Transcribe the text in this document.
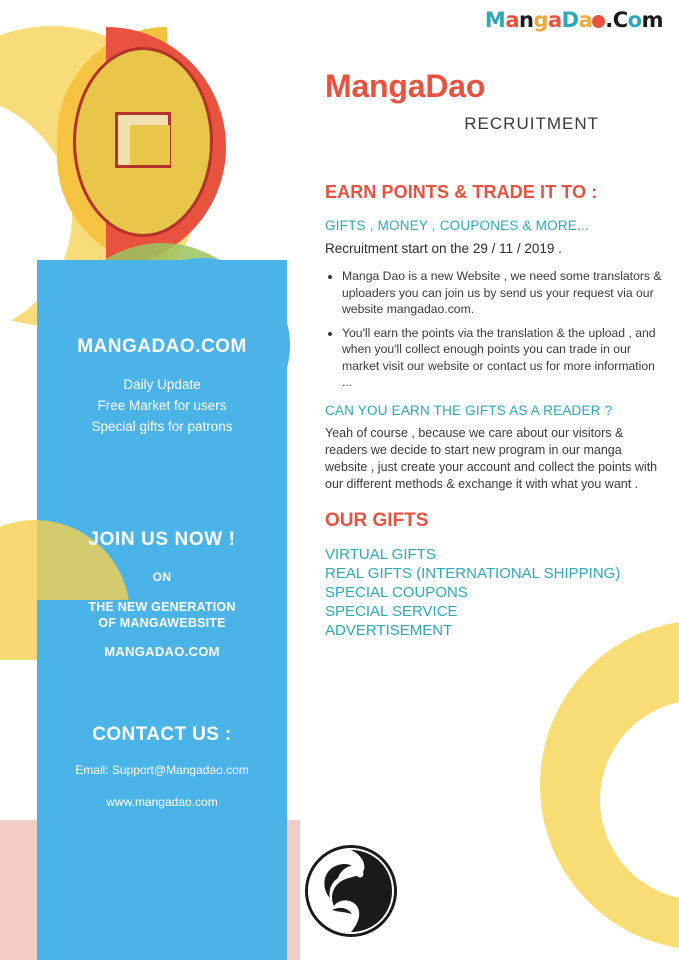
MangaDa .Com
MANGADAO.COM
Daily Update
Free Market for users
Special gifts for patrons
JOIN US NOW !
ON
THE NEW GENERATION
OF MANGAWEBSITE
MANGADAO.COM
CONTACT US :
Email: Support@Mangadao.com
www.mangadao.com
MangaDao
RECRUITMENT
EARN POINTS & TRADE IT TO :
GIFTS , MONEY , COUPONES & MORE...
Recruitment start on the 29 / 11 / 2019 .
• Manga Dao is a new Website , we need some translators & uploaders you can join us by send us your request via our website mangadao.com.
• You'll earn the points via the translation & the upload , and when you'll collect enough points you can trade in our market visit our website or contact us for more information ...
CAN YOU EARN THE GIFTS AS A READER ?
Yeah of course , because we care about our visitors & readers we decide to start new program in our manga website , just create your account and collect the points with our different methods & exchange it with what you want .
OUR GIFTS
VIRTUAL GIFTS
REAL GIFTS (INTERNATIONAL SHIPPING)
SPECIAL COUPONS
SPECIAL SERVICE
ADVERTISEMENT
